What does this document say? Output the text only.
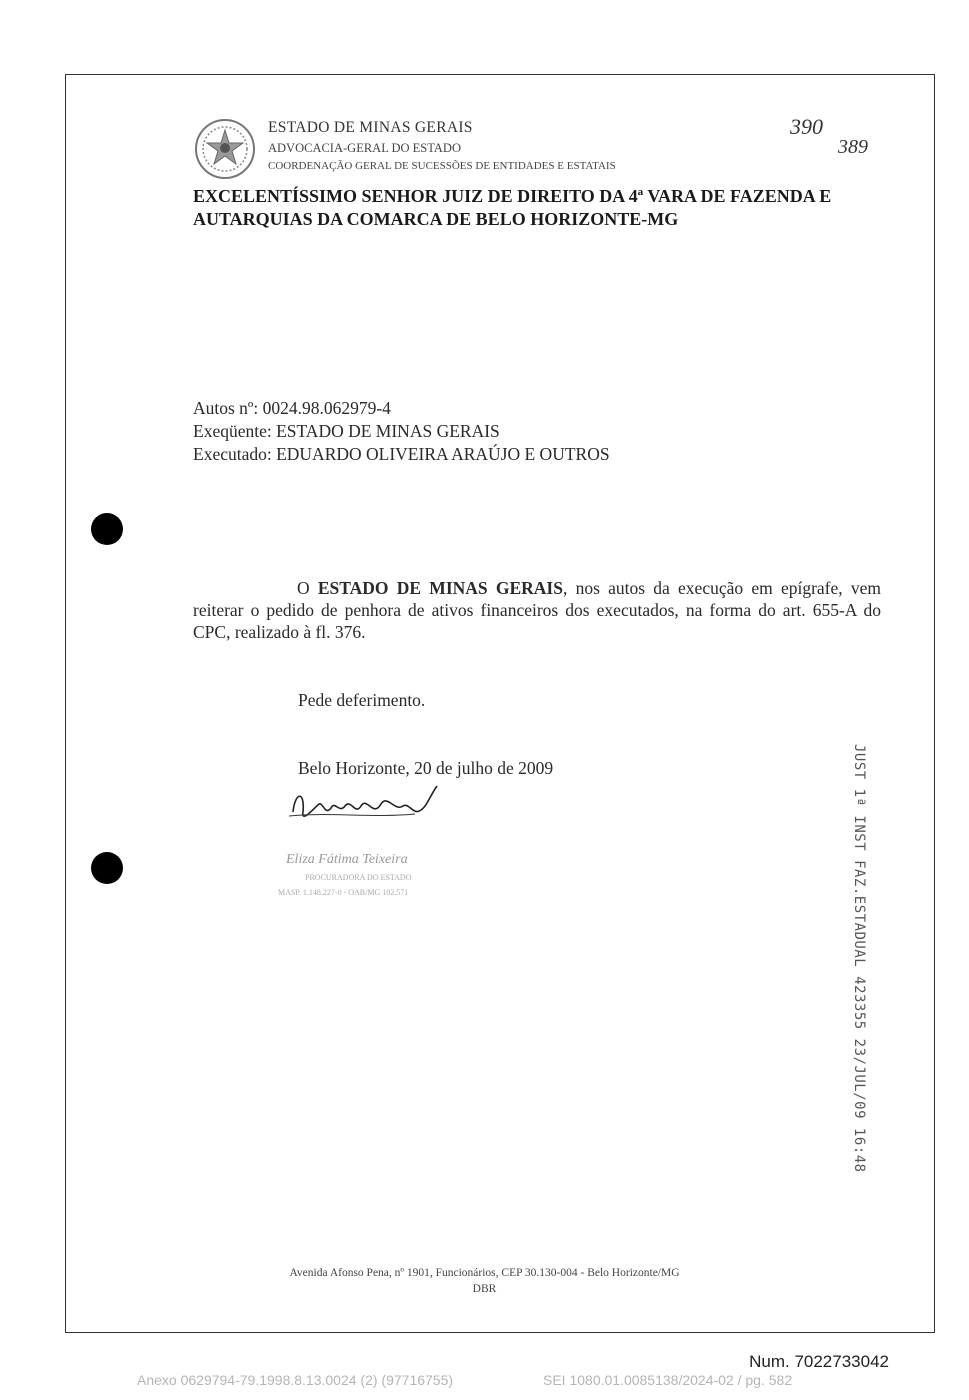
ESTADO DE MINAS GERAIS
ADVOCACIA-GERAL DO ESTADO
COORDENAÇÃO GERAL DE SUCESSÕES DE ENTIDADES E ESTATAIS
390
389
EXCELENTÍSSIMO SENHOR JUIZ DE DIREITO DA 4ª VARA DE FAZENDA E AUTARQUIAS DA COMARCA DE BELO HORIZONTE-MG
Autos nº: 0024.98.062979-4
Exeqüente: ESTADO DE MINAS GERAIS
Executado: EDUARDO OLIVEIRA ARAÚJO E OUTROS
O ESTADO DE MINAS GERAIS, nos autos da execução em epígrafe, vem reiterar o pedido de penhora de ativos financeiros dos executados, na forma do art. 655-A do CPC, realizado à fl. 376.
Pede deferimento.
Belo Horizonte, 20 de julho de 2009
Eliza Fátima Teixeira
PROCURADORA DO ESTADO
MASP. 1.148.227-0 - OAB/MG 102.571	JUST 1ª INST FAZ.ESTADUAL 423355 23/JUL/09 16:48
Avenida Afonso Pena, nº 1901, Funcionários, CEP 30.130-004 - Belo Horizonte/MG
DBR
Num. 7022733042
Anexo 0629794-79.1998.8.13.0024 (2) (97716755)	SEI 1080.01.0085138/2024-02 / pg. 582
